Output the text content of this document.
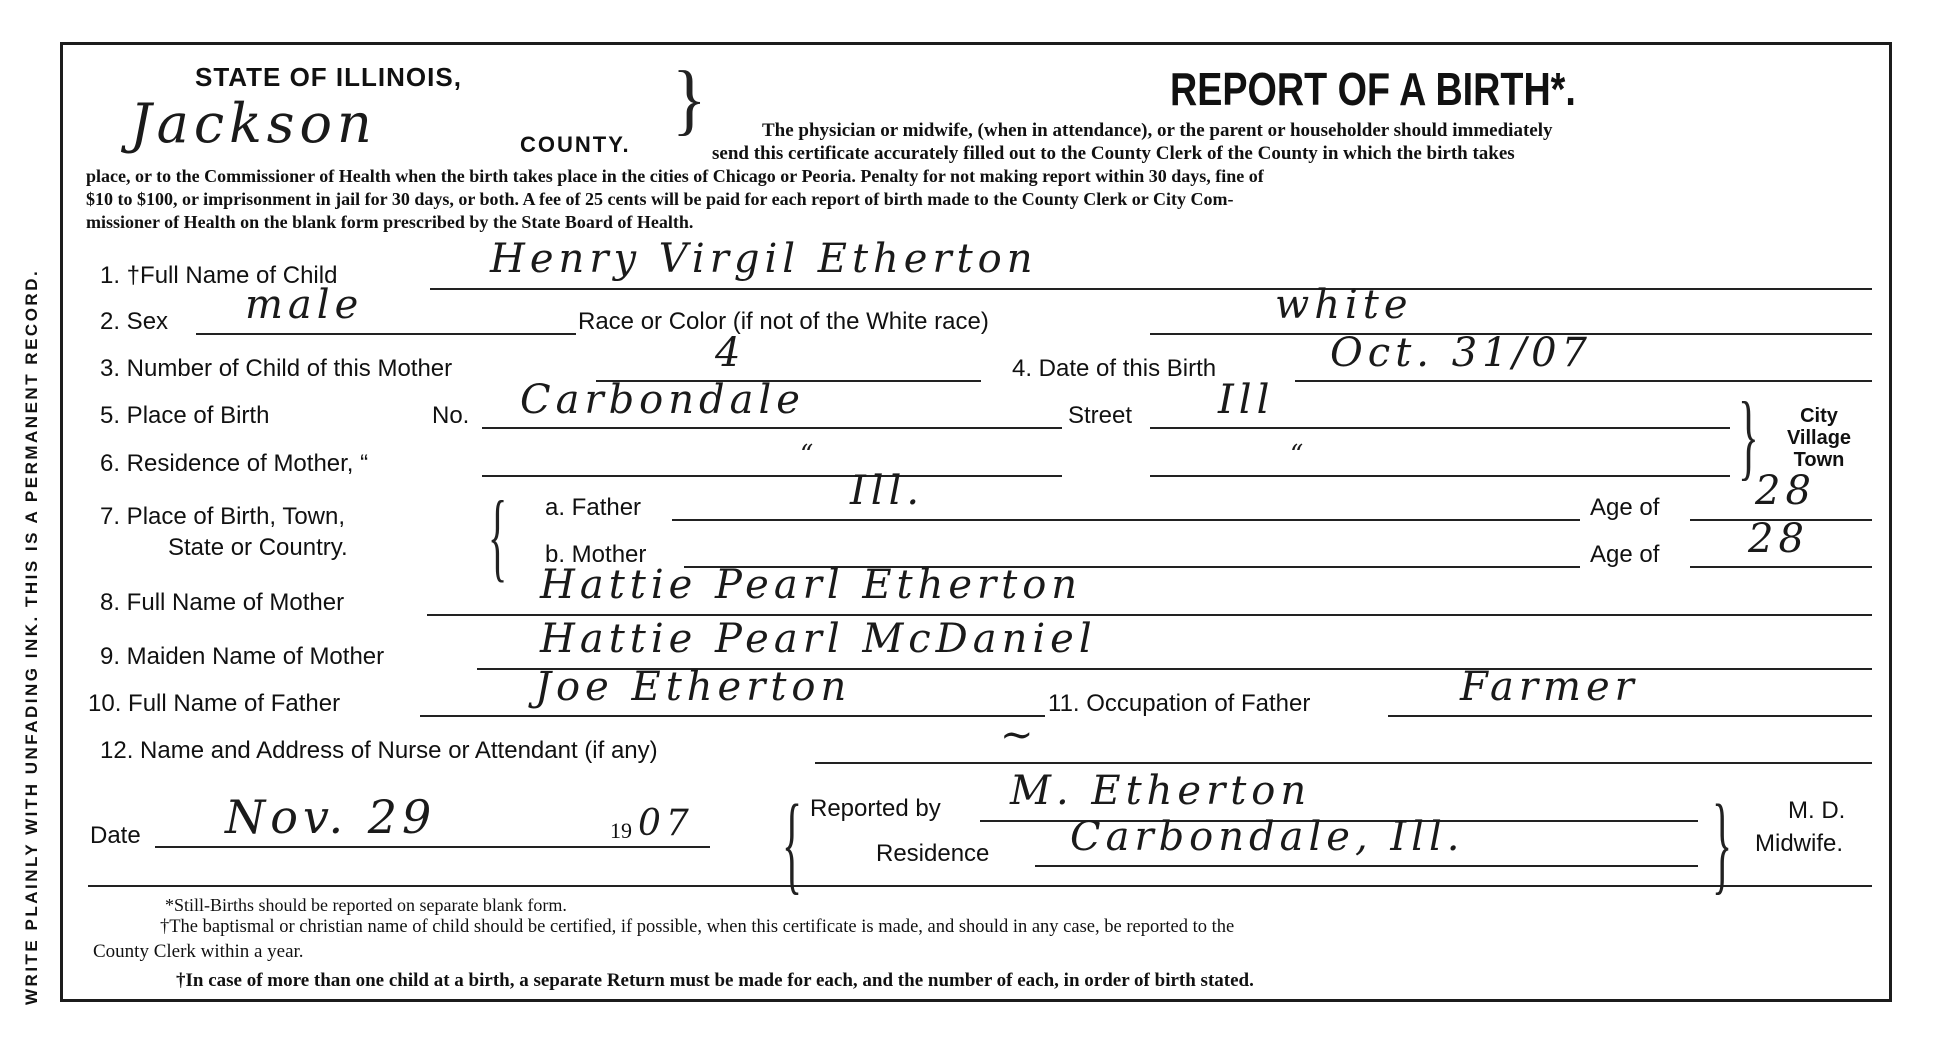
WRITE PLAINLY WITH UNFADING INK. THIS IS A PERMANENT RECORD.
STATE OF ILLINOIS,
Jackson	COUNTY.
}	REPORT OF A BIRTH*.
The physician or midwife, (when in attendance), or the parent or householder should immediately
send this certificate accurately filled out to the County Clerk of the County in which the birth takes
place, or to the Commissioner of Health when the birth takes place in the cities of Chicago or Peoria. Penalty for not making report within 30 days, fine of
$10 to $100, or imprisonment in jail for 30 days, or both. A fee of 25 cents will be paid for each report of birth made to the County Clerk or City Com-
missioner of Health on the blank form prescribed by the State Board of Health.
1. †Full Name of Child	Henry Virgil Etherton
2. Sex male	Race or Color (if not of the White race)	white
3. Number of Child of this Mother	4	4. Date of this Birth	Oct. 31/07
5. Place of Birth	No. Carbondale	Street Ill
6. Residence of Mother, “	“	“	}	City
Village
Town
7. Place of Birth, Town,
State or Country. { a. Father	Ill.	Age of 28
b. Mother	Age of 28
8. Full Name of Mother	Hattie Pearl Etherton
9. Maiden Name of Mother	Hattie Pearl McDaniel
10. Full Name of Father	Joe Etherton	11. Occupation of Father	Farmer
12. Name and Address of Nurse or Attendant (if any)	~
Date Nov. 29	19 07 { Reported by M. Etherton
Residence Carbondale, Ill. } M. D.
Midwife.
*Still-Births should be reported on separate blank form.
†The baptismal or christian name of child should be certified, if possible, when this certificate is made, and should in any case, be reported to the
County Clerk within a year.
†In case of more than one child at a birth, a separate Return must be made for each, and the number of each, in order of birth stated.
